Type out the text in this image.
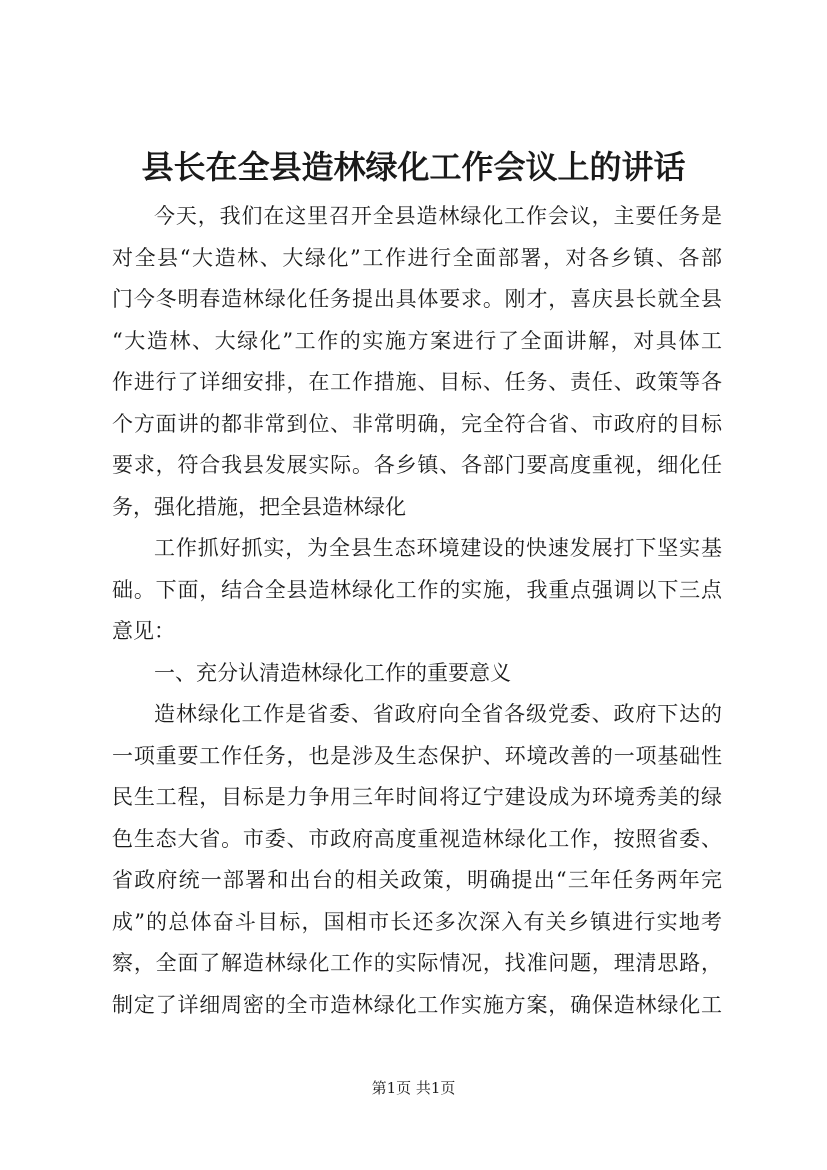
县长在全县造林绿化工作会议上的讲话
今天，我们在这里召开全县造林绿化工作会议，主要任务是
对全县“大造林、大绿化”工作进行全面部署，对各乡镇、各部
门今冬明春造林绿化任务提出具体要求。刚才，喜庆县长就全县
“大造林、大绿化”工作的实施方案进行了全面讲解，对具体工
作进行了详细安排，在工作措施、目标、任务、责任、政策等各
个方面讲的都非常到位、非常明确，完全符合省、市政府的目标
要求，符合我县发展实际。各乡镇、各部门要高度重视，细化任
务，强化措施，把全县造林绿化
工作抓好抓实，为全县生态环境建设的快速发展打下坚实基
础。下面，结合全县造林绿化工作的实施，我重点强调以下三点
意见：
一、充分认清造林绿化工作的重要意义
造林绿化工作是省委、省政府向全省各级党委、政府下达的
一项重要工作任务，也是涉及生态保护、环境改善的一项基础性
民生工程，目标是力争用三年时间将辽宁建设成为环境秀美的绿
色生态大省。市委、市政府高度重视造林绿化工作，按照省委、
省政府统一部署和出台的相关政策，明确提出“三年任务两年完
成”的总体奋斗目标，国相市长还多次深入有关乡镇进行实地考
察，全面了解造林绿化工作的实际情况，找准问题，理清思路，
制定了详细周密的全市造林绿化工作实施方案，确保造林绿化工
第1页 共1页
